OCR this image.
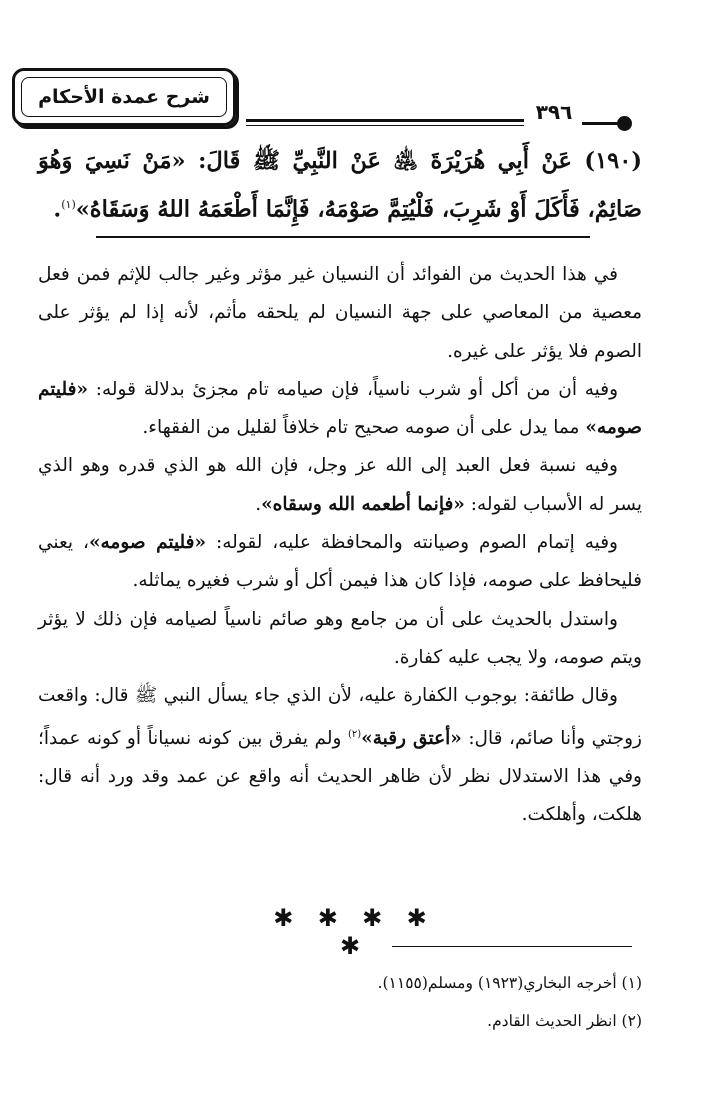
شرح عمدة الأحكام
٣٩٦
(١٩٠) عَنْ أَبِي هُرَيْرَةَ ﵁ عَنْ النَّبِيِّ ﷺ قَالَ: «مَنْ نَسِيَ وَهُوَ صَائِمٌ، فَأَكَلَ أَوْ شَرِبَ، فَلْيُتِمَّ صَوْمَهُ، فَإِنَّمَا أَطْعَمَهُ اللهُ وَسَقَاهُ»$^{(١)}$.

في هذا الحديث من الفوائد أن النسيان غير مؤثر وغير جالب للإثم فمن فعل معصية من المعاصي على جهة النسيان لم يلحقه مأثم، لأنه إذا لم يؤثر على الصوم فلا يؤثر على غيره.

وفيه أن من أكل أو شرب ناسياً، فإن صيامه تام مجزئ بدلالة قوله: «فليتم صومه» مما يدل على أن صومه صحيح تام خلافاً لقليل من الفقهاء.

وفيه نسبة فعل العبد إلى الله عز وجل، فإن الله هو الذي قدره وهو الذي يسر له الأسباب لقوله: «فإنما أطعمه الله وسقاه».

وفيه إتمام الصوم وصيانته والمحافظة عليه، لقوله: «فليتم صومه»، يعني فليحافظ على صومه، فإذا كان هذا فيمن أكل أو شرب فغيره يماثله.

واستدل بالحديث على أن من جامع وهو صائم ناسياً لصيامه فإن ذلك لا يؤثر ويتم صومه، ولا يجب عليه كفارة.

وقال طائفة: بوجوب الكفارة عليه، لأن الذي جاء يسأل النبي ﷺ قال: واقعت زوجتي وأنا صائم، قال: «أعتق رقبة»$^{(٢)}$ ولم يفرق بين كونه نسياناً أو كونه عمداً؛ وفي هذا الاستدلال نظر لأن ظاهر الحديث أنه واقع عن عمد وقد ورد أنه قال: هلكت، وأهلكت.

✱ ✱ ✱ ✱ ✱
(١) أخرجه البخاري(١٩٢٣) ومسلم(١١٥٥).
(٢) انظر الحديث القادم.
